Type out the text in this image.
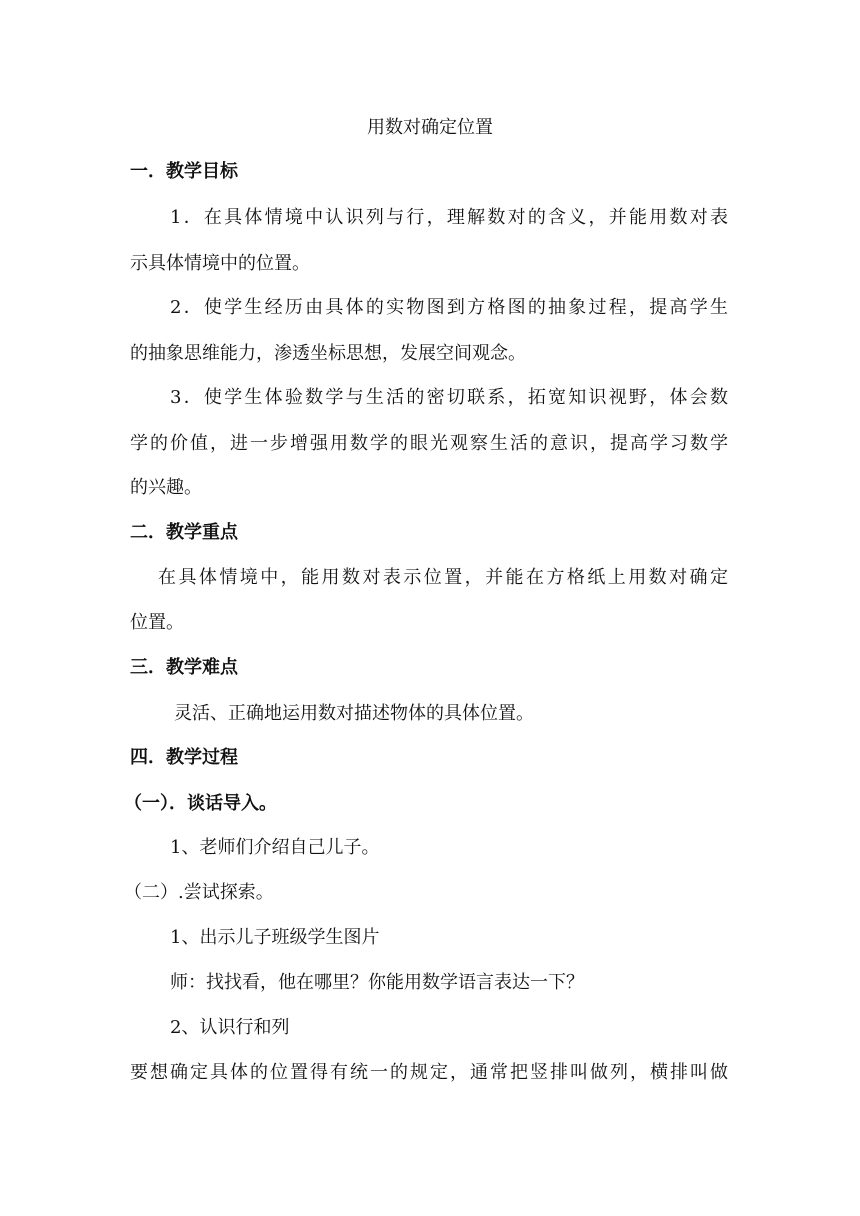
用数对确定位置
一．教学目标
1．在具体情境中认识列与行，理解数对的含义，并能用数对表
示具体情境中的位置。
2．使学生经历由具体的实物图到方格图的抽象过程，提高学生
的抽象思维能力，渗透坐标思想，发展空间观念。
3．使学生体验数学与生活的密切联系，拓宽知识视野，体会数
学的价值，进一步增强用数学的眼光观察生活的意识，提高学习数学
的兴趣。
二．教学重点
在具体情境中，能用数对表示位置，并能在方格纸上用数对确定
位置。
三．教学难点
灵活、正确地运用数对描述物体的具体位置。
四．教学过程
（一）．谈话导入。
1、老师们介绍自己儿子。
（二）.尝试探索。
1、出示儿子班级学生图片
师：找找看，他在哪里？你能用数学语言表达一下？
2、认识行和列
要想确定具体的位置得有统一的规定，通常把竖排叫做列，横排叫做
